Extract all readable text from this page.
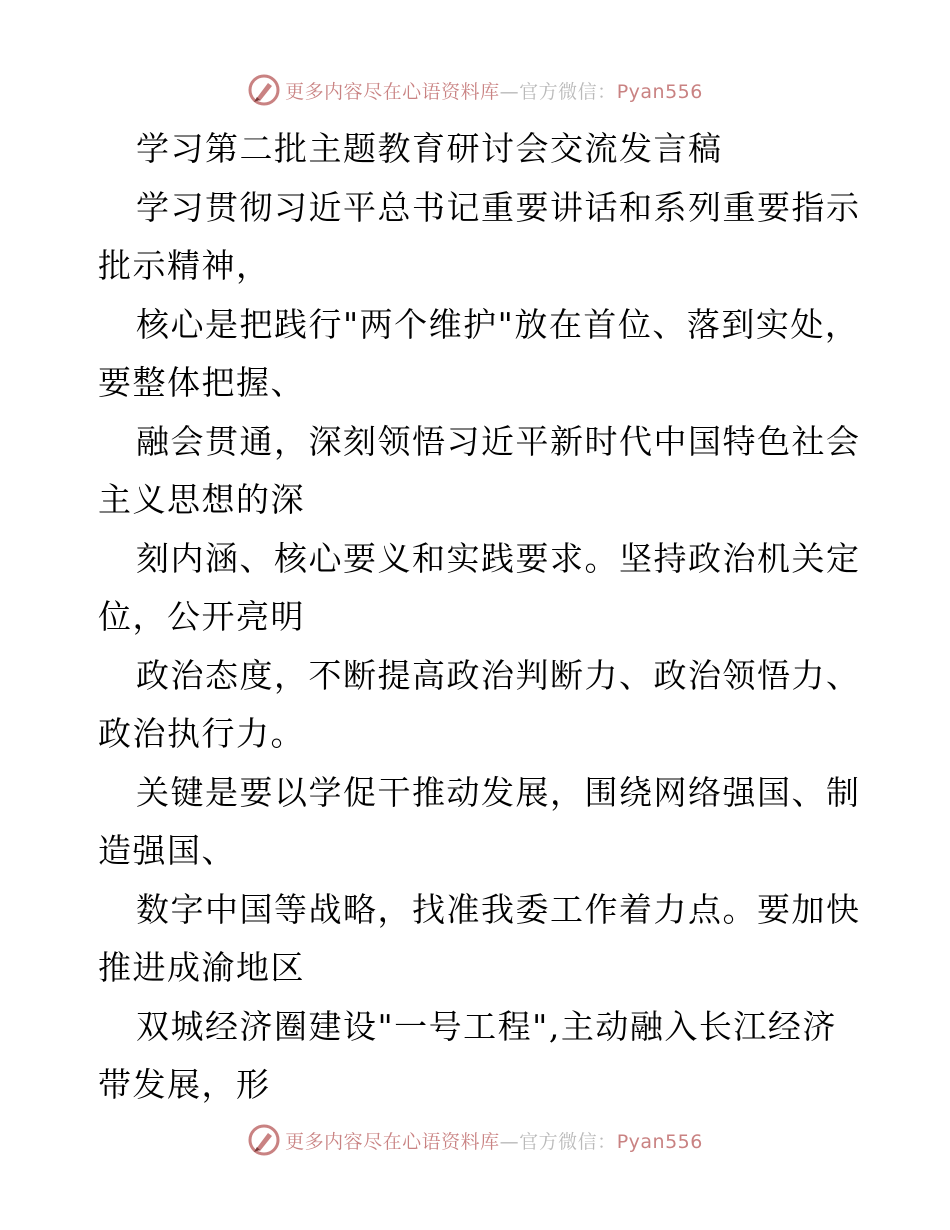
更多内容尽在心语资料库—官方微信：Pyan556
学习第二批主题教育研讨会交流发言稿
学习贯彻习近平总书记重要讲话和系列重要指示
批示精神，
核心是把践行"两个维护"放在首位、落到实处，
要整体把握、
融会贯通，深刻领悟习近平新时代中国特色社会
主义思想的深
刻内涵、核心要义和实践要求。坚持政治机关定
位，公开亮明
政治态度，不断提高政治判断力、政治领悟力、
政治执行力。
关键是要以学促干推动发展，围绕网络强国、制
造强国、
数字中国等战略，找准我委工作着力点。要加快
推进成渝地区
双城经济圈建设"一号工程",主动融入长江经济
带发展，形
更多内容尽在心语资料库—官方微信：Pyan556
